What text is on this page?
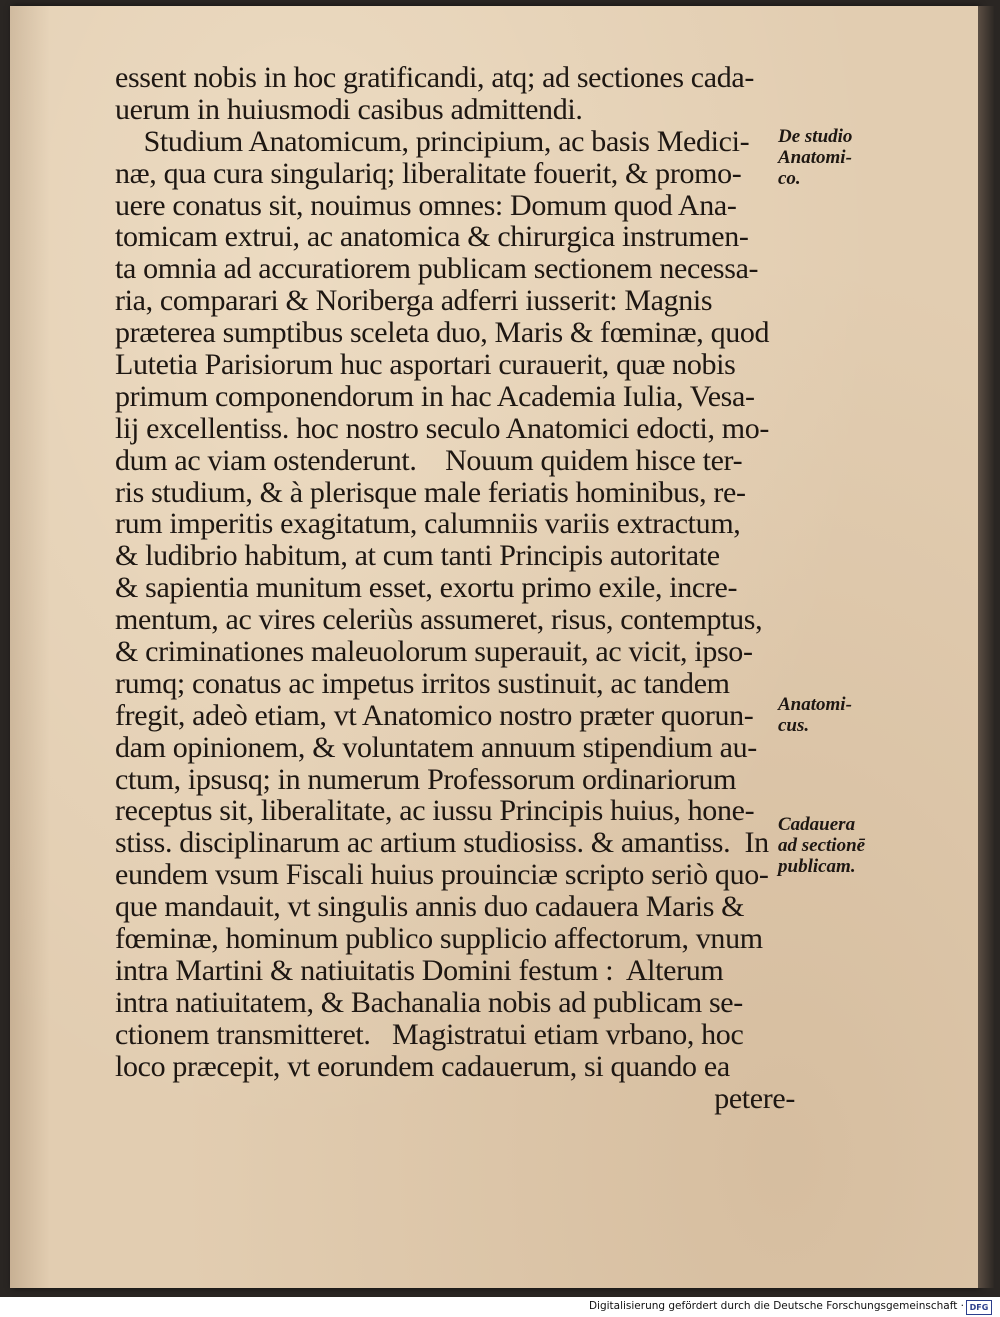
essent nobis in hoc gratificandi, atq; ad sectiones cada-
uerum in huiusmodi casibus admittendi.
Studium Anatomicum, principium, ac basis Medici-
næ, qua cura singulariq; liberalitate fouerit, & promo-
uere conatus sit, nouimus omnes: Domum quod Ana-
tomicam extrui, ac anatomica & chirurgica instrumen-
ta omnia ad accuratiorem publicam sectionem necessa-
ria, comparari & Noriberga adferri iusserit: Magnis
præterea sumptibus sceleta duo, Maris & fœminæ, quod
Lutetia Parisiorum huc asportari curauerit, quæ nobis
primum componendorum in hac Academia Iulia, Vesa-
lij excellentiss. hoc nostro seculo Anatomici edocti, mo-
dum ac viam ostenderunt.    Nouum quidem hisce ter-
ris studium, & à plerisque male feriatis hominibus, re-
rum imperitis exagitatum, calumniis variis extractum,
& ludibrio habitum, at cum tanti Principis autoritate
& sapientia munitum esset, exortu primo exile, incre-
mentum, ac vires celeriùs assumeret, risus, contemptus,
& criminationes maleuolorum superauit, ac vicit, ipso-
rumq; conatus ac impetus irritos sustinuit, ac tandem
fregit, adeò etiam, vt Anatomico nostro præter quorun-
dam opinionem, & voluntatem annuum stipendium au-
ctum, ipsusq; in numerum Professorum ordinariorum
receptus sit, liberalitate, ac iussu Principis huius, hone-
stiss. disciplinarum ac artium studiosiss. & amantiss.  In
eundem vsum Fiscali huius prouinciæ scripto seriò quo-
que mandauit, vt singulis annis duo cadauera Maris &
fœminæ, hominum publico supplicio affectorum, vnum
intra Martini & natiuitatis Domini festum :  Alterum
intra natiuitatem, & Bachanalia nobis ad publicam se-
ctionem transmitteret.   Magistratui etiam vrbano, hoc
loco præcepit, vt eorundem cadauerum, si quando ea
petere-
De studio
Anatomi-
co.
Anatomi-
cus.
Cadauera
ad sectionē
publicam.
Digitalisierung gefördert durch die Deutsche Forschungsgemeinschaft · DFG
